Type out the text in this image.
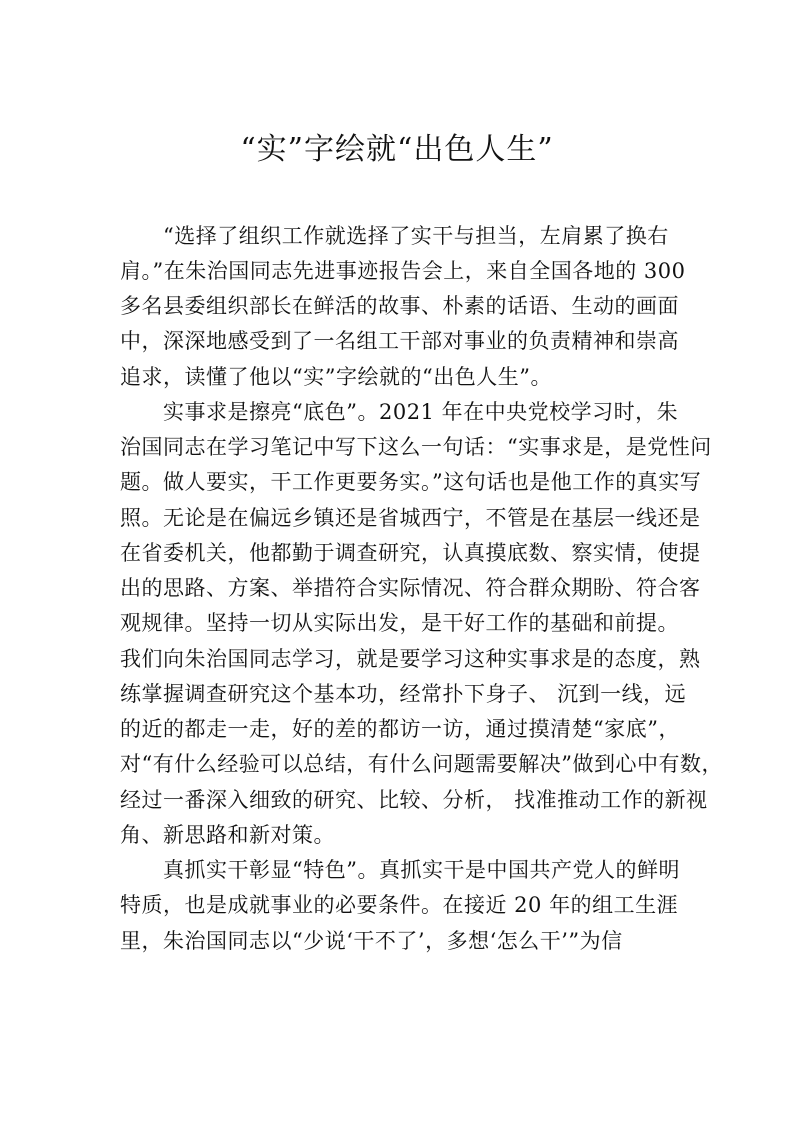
“实”字绘就“出色人生”
“选择了组织工作就选择了实干与担当，左肩累了换右
肩。”在朱治国同志先进事迹报告会上，来自全国各地的 300
多名县委组织部长在鲜活的故事、朴素的话语、生动的画面
中，深深地感受到了一名组工干部对事业的负责精神和崇高
追求，读懂了他以“实”字绘就的“出色人生”。
实事求是擦亮“底色”。2021 年在中央党校学习时，朱
治国同志在学习笔记中写下这么一句话：“实事求是，是党性问
题。做人要实，干工作更要务实。”这句话也是他工作的真实写
照。无论是在偏远乡镇还是省城西宁，不管是在基层一线还是
在省委机关，他都勤于调查研究，认真摸底数、察实情，使提
出的思路、方案、举措符合实际情况、符合群众期盼、符合客
观规律。坚持一切从实际出发，是干好工作的基础和前提。
我们向朱治国同志学习，就是要学习这种实事求是的态度，熟
练掌握调查研究这个基本功，经常扑下身子、 沉到一线，远
的近的都走一走，好的差的都访一访，通过摸清楚“家底”，
对“有什么经验可以总结，有什么问题需要解决”做到心中有数，
经过一番深入细致的研究、比较、分析， 找准推动工作的新视
角、新思路和新对策。
真抓实干彰显“特色”。真抓实干是中国共产党人的鲜明
特质，也是成就事业的必要条件。在接近 20 年的组工生涯
里，朱治国同志以“少说‘干不了’，多想‘怎么干’”为信
